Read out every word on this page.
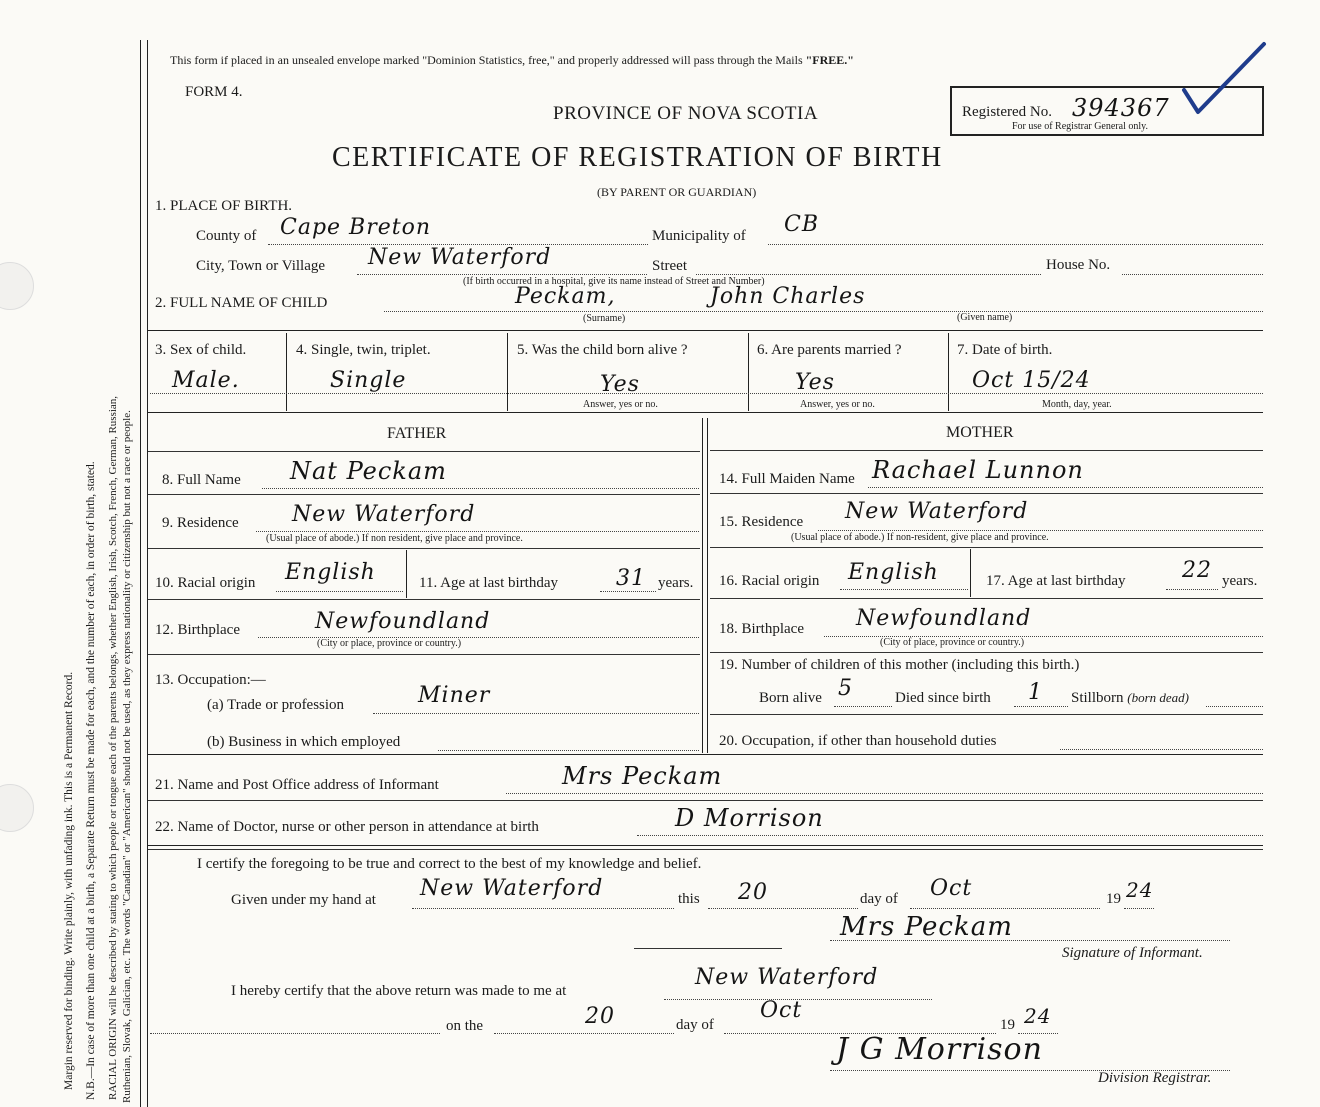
Margin reserved for binding. Write plainly, with unfading ink. This is a Permanent Record. N.B.—In case of more than one child at a birth, a Separate Return must be made for each, and the number of each, in order of birth, stated. RACIAL ORIGIN will be described by stating to which people or tongue each of the parents belongs, whether English, Irish, Scotch, French, German, Russian, Ruthenian, Slovak, Galician, etc. The words "Canadian" or "American" should not be used, as they express nationality or citizenship but not a race or people.
This form if placed in an unsealed envelope marked "Dominion Statistics, free," and properly addressed will pass through the Mails "FREE."
FORM 4.
PROVINCE OF NOVA SCOTIA
CERTIFICATE OF REGISTRATION OF BIRTH
(BY PARENT OR GUARDIAN)
Registered No. 394367
For use of Registrar General only.
1. PLACE OF BIRTH.
County of Cape Breton	Municipality of CB
City, Town or Village New Waterford	Street	House No.
(If birth occurred in a hospital, give its name instead of Street and Number)
2. FULL NAME OF CHILD	Peckam,	John Charles
(Surname)	(Given name)
3. Sex of child.
Male.
4. Single, twin, triplet.
Single
5. Was the child born alive ?
Yes
Answer, yes or no.
6. Are parents married ?
Yes
Answer, yes or no.
7. Date of birth.
Oct 15/24
Month, day, year.
FATHER	MOTHER
8. Full Name Nat Peckam
9. Residence New Waterford
(Usual place of abode.) If non resident, give place and province.
10. Racial origin English	11. Age at last birthday	31 years.
12. Birthplace	Newfoundland
(City or place, province or country.)
13. Occupation:—
(a) Trade or profession	Miner
(b) Business in which employed
14. Full Maiden Name Rachael Lunnon
15. Residence New Waterford
(Usual place of abode.) If non-resident, give place and province.
16. Racial origin English	17. Age at last birthday	22 years.
18. Birthplace Newfoundland
(City of place, province or country.)
19. Number of children of this mother (including this birth.)
Born alive 5	Died since birth 1 Stillborn (born dead)
20. Occupation, if other than household duties
21. Name and Post Office address of Informant	Mrs Peckam
22. Name of Doctor, nurse or other person in attendance at birth	D Morrison
I certify the foregoing to be true and correct to the best of my knowledge and belief.
Given under my hand at New Waterford	this 20	day of Oct	19 24
Mrs Peckam
Signature of Informant.
I hereby certify that the above return was made to me at
New Waterford
on the	20	day of
Oct
19 24
J G Morrison
Division Registrar.
